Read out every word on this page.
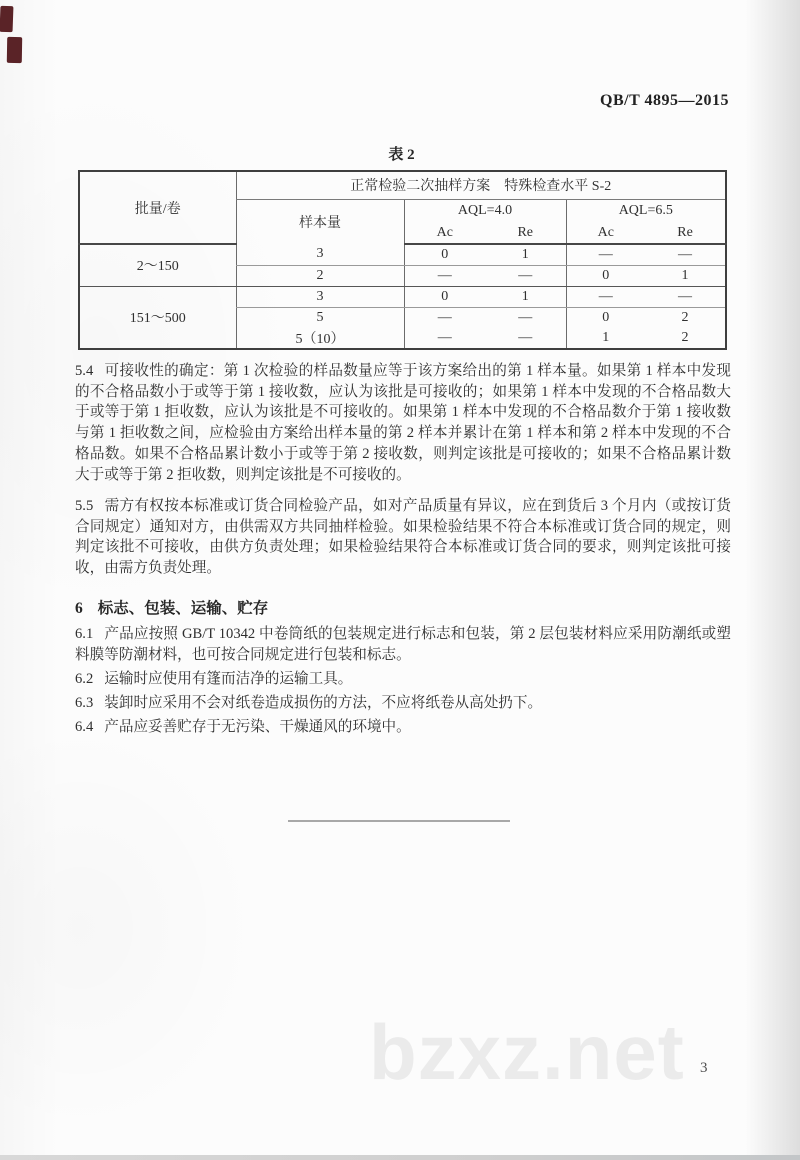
QB/T 4895—2015
表 2
批量/卷	正常检验二次抽样方案　特殊检查水平 S-2				
	样本量	AQL=4.0		AQL=6.5	
		Ac	Re	Ac	Re
2～150	3	0	1	—	—
	2	—	—	0	1
151～500	3	0	1	—	—
	5	—	—	0	2
	5（10）	—	—	1	2

5.4 可接收性的确定：第 1 次检验的样品数量应等于该方案给出的第 1 样本量。如果第 1 样本中发现的不合格品数小于或等于第 1 接收数，应认为该批是可接收的；如果第 1 样本中发现的不合格品数大于或等于第 1 拒收数，应认为该批是不可接收的。如果第 1 样本中发现的不合格品数介于第 1 接收数与第 1 拒收数之间，应检验由方案给出样本量的第 2 样本并累计在第 1 样本和第 2 样本中发现的不合格品数。如果不合格品累计数小于或等于第 2 接收数，则判定该批是可接收的；如果不合格品累计数大于或等于第 2 拒收数，则判定该批是不可接收的。

5.5 需方有权按本标准或订货合同检验产品，如对产品质量有异议，应在到货后 3 个月内（或按订货合同规定）通知对方，由供需双方共同抽样检验。如果检验结果不符合本标准或订货合同的规定，则判定该批不可接收，由供方负责处理；如果检验结果符合本标准或订货合同的要求，则判定该批可接收，由需方负责处理。

6 标志、包装、运输、贮存

6.1 产品应按照 GB/T 10342 中卷筒纸的包装规定进行标志和包装，第 2 层包装材料应采用防潮纸或塑料膜等防潮材料，也可按合同规定进行包装和标志。

6.2 运输时应使用有篷而洁净的运输工具。

6.3 装卸时应采用不会对纸卷造成损伤的方法，不应将纸卷从高处扔下。

6.4 产品应妥善贮存于无污染、干燥通风的环境中。

bzxz.net 3
